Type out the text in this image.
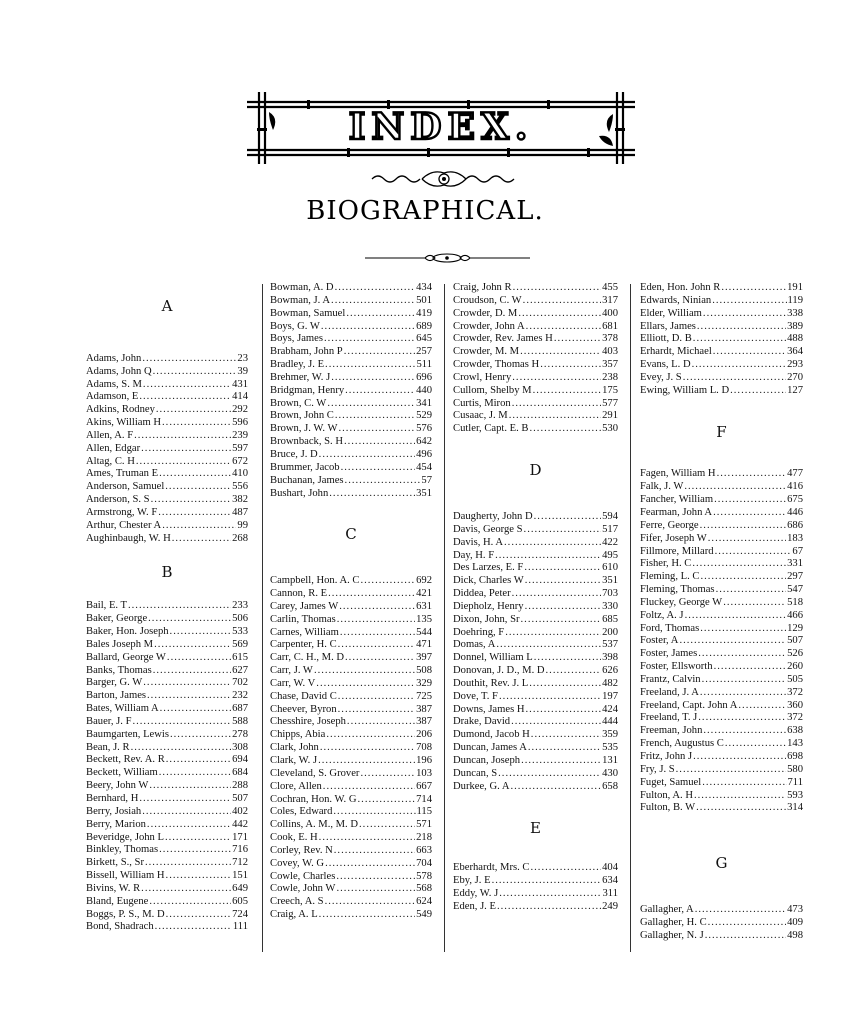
INDEX.
BIOGRAPHICAL.
A
Adams, John .....	23
Adams, John Q .....	39
Adams, S. M .....	431
Adamson, E .....	414
Adkins, Rodney .....	292
Akins, William H .....	596
Allen, A. F .....	239
Allen, Edgar .....	597
Altag, C. H .....	672
Ames, Truman E .....	410
Anderson, Samuel .....	556
Anderson, S. S .....	382
Armstrong, W. F .....	487
Arthur, Chester A .....	99
Aughinbaugh, W. H .....	268
B
Bail, E. T .....	233
Baker, George .....	506
Baker, Hon. Joseph .....	533
Bales Joseph M .....	569
Ballard, George W .....	615
Banks, Thomas .....	627
Barger, G. W .....	702
Barton, James .....	232
Bates, William A .....	687
Bauer, J. F .....	588
Baumgarten, Lewis .....	278
Bean, J. R .....	308
Beckett, Rev. A. R .....	694
Beckett, William .....	684
Beery, John W .....	288
Bernhard, H .....	507
Berry, Josiah .....	402
Berry, Marion .....	442
Beveridge, John L .....	171
Binkley, Thomas .....	716
Birkett, S., Sr .....	712
Bissell, William H .....	151
Bivins, W. R .....	649
Bland, Eugene .....	605
Boggs, P. S., M. D .....	724
Bond, Shadrach .....	111
Bowman, A. D .....	434
Bowman, J. A .....	501
Bowman, Samuel .....	419
Boys, G. W .....	689
Boys, James .....	645
Brabham, John P .....	257
Bradley, J. E .....	511
Brehmer, W. J .....	696
Bridgman, Henry .....	440
Brown, C. W .....	341
Brown, John C .....	529
Brown, J. W. W .....	576
Brownback, S. H .....	642
Bruce, J. D .....	496
Brummer, Jacob .....	454
Buchanan, James .....	57
Bushart, John .....	351
C
Campbell, Hon. A. C .....	692
Cannon, R. E .....	421
Carey, James W .....	631
Carlin, Thomas .....	135
Carnes, William .....	544
Carpenter, H. C .....	471
Carr, C. H., M. D .....	397
Carr, J. W .....	508
Carr, W. V .....	329
Chase, David C .....	725
Cheever, Byron .....	387
Chesshire, Joseph .....	387
Chipps, Abia .....	206
Clark, John .....	708
Clark, W. J .....	196
Cleveland, S. Grover .....	103
Clore, Allen .....	667
Cochran, Hon. W. G .....	714
Coles, Edward .....	115
Collins, A. M., M. D .....	571
Cook, E. H .....	218
Corley, Rev. N .....	663
Covey, W. G .....	704
Cowle, Charles .....	578
Cowle, John W .....	568
Creech, A. S .....	624
Craig, A. L .....	549
Craig, John R .....	455
Croudson, C. W .....	317
Crowder, D. M .....	400
Crowder, John A .....	681
Crowder, Rev. James H .....	378
Crowder, M. M .....	403
Crowder, Thomas H .....	357
Crowl, Henry .....	238
Cullom, Shelby M .....	175
Curtis, Miron .....	577
Cusaac, J. M .....	291
Cutler, Capt. E. B .....	530
D
Daugherty, John D .....	594
Davis, George S .....	517
Davis, H. A .....	422
Day, H. F .....	495
Des Larzes, E. F .....	610
Dick, Charles W .....	351
Diddea, Peter .....	703
Diepholz, Henry .....	330
Dixon, John, Sr .....	685
Doehring, F .....	200
Domas, A .....	537
Donnel, William L .....	398
Donovan, J. D., M. D .....	626
Douthit, Rev. J. L .....	482
Dove, T. F .....	197
Downs, James H .....	424
Drake, David .....	444
Dumond, Jacob H .....	359
Duncan, James A .....	535
Duncan, Joseph .....	131
Duncan, S .....	430
Durkee, G. A .....	658
E
Eberhardt, Mrs. C .....	404
Eby, J. E .....	634
Eddy, W. J .....	311
Eden, J. E .....	249
Eden, Hon. John R .....	191
Edwards, Ninian .....	119
Elder, William .....	338
Ellars, James .....	389
Elliott, D. B .....	488
Erhardt, Michael .....	364
Evans, L. D .....	293
Evey, J. S .....	270
Ewing, William L. D .....	127
F
Fagen, William H .....	477
Falk, J. W .....	416
Fancher, William .....	675
Fearman, John A .....	446
Ferre, George .....	686
Fifer, Joseph W .....	183
Fillmore, Millard .....	67
Fisher, H. C .....	331
Fleming, L. C .....	297
Fleming, Thomas .....	547
Fluckey, George W .....	518
Foltz, A. J .....	466
Ford, Thomas .....	129
Foster, A .....	507
Foster, James .....	526
Foster, Ellsworth .....	260
Frantz, Calvin .....	505
Freeland, J. A .....	372
Freeland, Capt. John A .....	360
Freeland, T. J .....	372
Freeman, John .....	638
French, Augustus C .....	143
Fritz, John J .....	698
Fry, J. S .....	580
Fuget, Samuel .....	711
Fulton, A. H .....	593
Fulton, B. W .....	314
G
Gallagher, A .....	473
Gallagher, H. C .....	409
Gallagher, N. J .....	498
